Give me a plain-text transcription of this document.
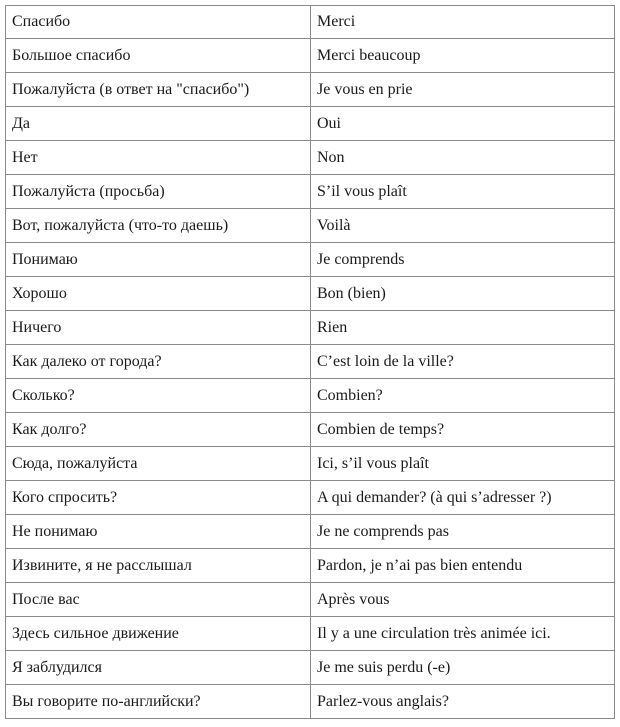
Спасибо	Merci
Большое спасибо	Merci beaucoup
Пожалуйста (в ответ на "спасибо")	Je vous en prie
Да	Oui
Нет	Non
Пожалуйста (просьба)	S’il vous plaît
Вот, пожалуйста (что-то даешь)	Voilà
Понимаю	Je comprends
Хорошо	Bon (bien)
Ничего	Rien
Как далеко от города?	C’est loin de la ville?
Сколько?	Combien?
Как долго?	Combien de temps?
Сюда, пожалуйста	Ici, s’il vous plaît
Кого спросить?	A qui demander? (à qui s’adresser ?)
Не понимаю	Je ne comprends pas
Извините, я не расслышал	Pardon, je n’ai pas bien entendu
После вас	Après vous
Здесь сильное движение	Il y a une circulation très animée ici.
Я заблудился	Je me suis perdu (-e)
Вы говорите по-английски?	Parlez-vous anglais?
